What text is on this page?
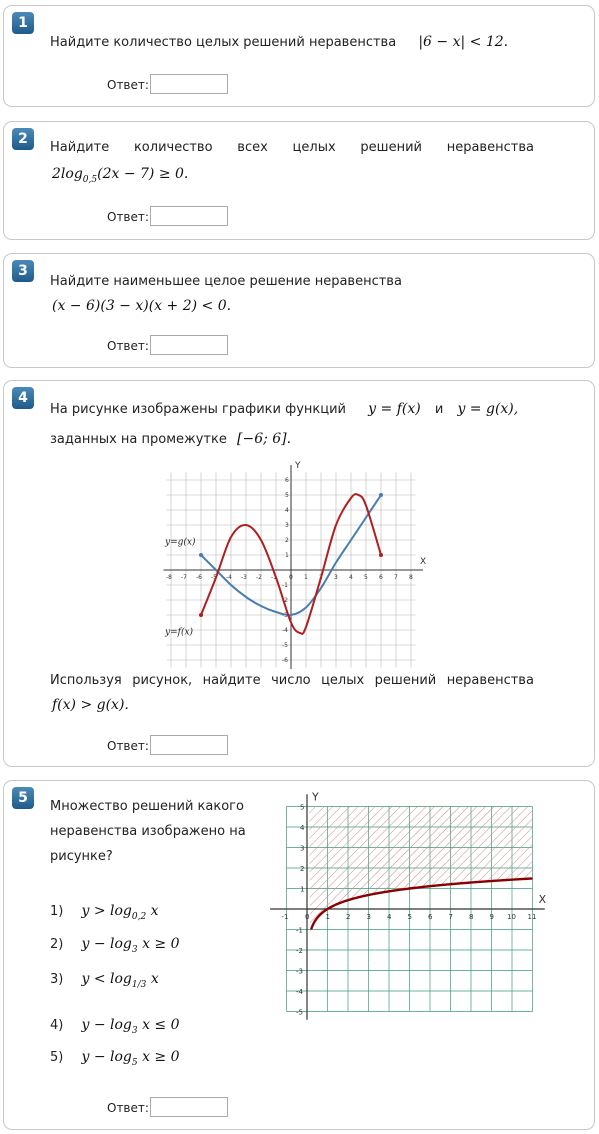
1
Найдите количество целых решений неравенства |6 − x| < 12.
Ответ:
2
Найдите количество всех целых решений неравенства
$2\log_{0,5}(2x - 7) \ge 0$.
Ответ:
3
Найдите наименьшее целое решение неравенства
(x − 6)(3 − x)(x + 2) < 0.
Ответ:
4
На рисунке изображены графики функций y = f(x) и y = g(x),
заданных на промежутке [−6; 6].
X
Y
-8 -7 -6 -5 -4 -3 -2 -1 0 1 2 3 4 5 6 7 8
6
5
4
3
2
1
-1
-2
-3
-4
-5
-6
y=g(x)
y=f(x)
Используя рисунок, найдите число целых решений неравенства
f(x) > g(x).
Ответ:
5
Множество решений какого
неравенства изображено на
рисунке?
1) $y > \log_{0,2} x$
2) $y - \log_3 x \ge 0$
3) $y < \log_{1/3} x$
4) $y - \log_3 x \le 0$
5) $y - \log_5 x \ge 0$
X
Y
-1 0 1 2 3 4 5 6 7 8 9 10 11
5
4
3
2
1
-1
-2
-3
-4
-5
Ответ:
